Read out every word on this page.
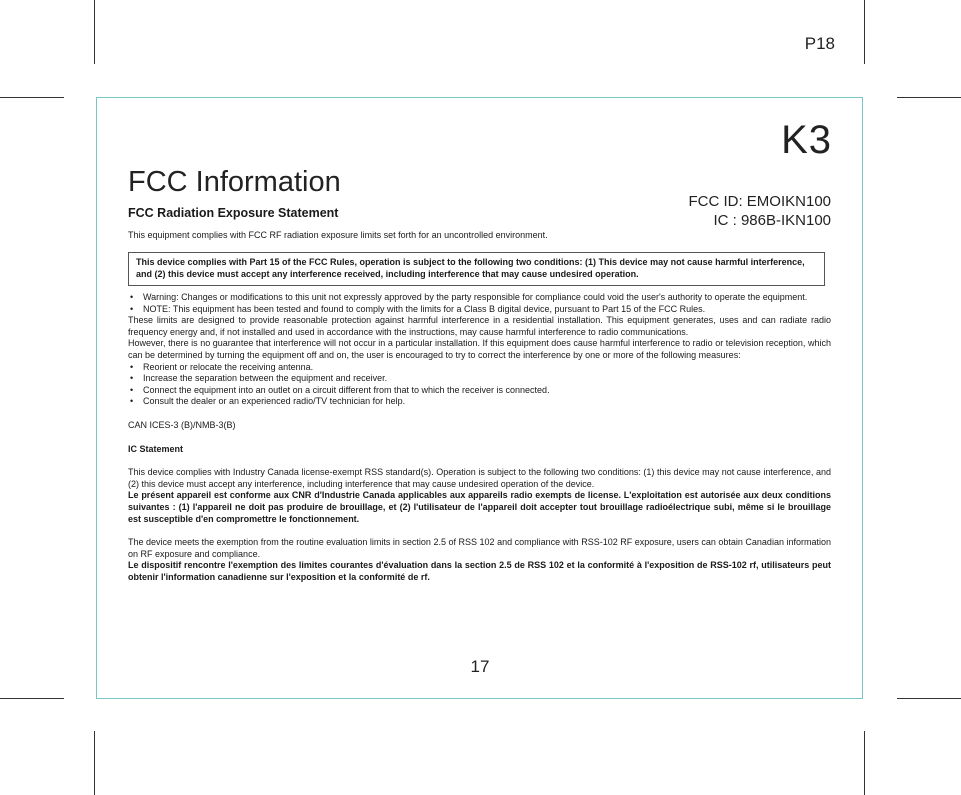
P18
K3
FCC Information
FCC ID: EMOIKN100
IC : 986B-IKN100
FCC Radiation Exposure Statement
This equipment complies with FCC RF radiation exposure limits set forth for an uncontrolled environment.
This device complies with Part 15 of the FCC Rules, operation is subject to the following two conditions: (1) This device may not cause harmful interference, and (2) this device must accept any interference received, including interference that may cause undesired operation.
• Warning: Changes or modifications to this unit not expressly approved by the party responsible for compliance could void the user's authority to operate the equipment.
• NOTE: This equipment has been tested and found to comply with the limits for a Class B digital device, pursuant to Part 15 of the FCC Rules.

These limits are designed to provide reasonable protection against harmful interference in a residential installation. This equipment generates, uses and can radiate radio frequency energy and, if not installed and used in accordance with the instructions, may cause harmful interference to radio communications.

However, there is no guarantee that interference will not occur in a particular installation. If this equipment does cause harmful interference to radio or television reception, which can be determined by turning the equipment off and on, the user is encouraged to try to correct the interference by one or more of the following measures:

• Reorient or relocate the receiving antenna.
• Increase the separation between the equipment and receiver.
• Connect the equipment into an outlet on a circuit different from that to which the receiver is connected.
• Consult the dealer or an experienced radio/TV technician for help.

CAN ICES-3 (B)/NMB-3(B)

IC Statement

This device complies with Industry Canada license-exempt RSS standard(s). Operation is subject to the following two conditions: (1) this device may not cause interference, and (2) this device must accept any interference, including interference that may cause undesired operation of the device.

Le présent appareil est conforme aux CNR d'Industrie Canada applicables aux appareils radio exempts de license. L'exploitation est autorisée aux deux conditions suivantes : (1) l'appareil ne doit pas produire de brouillage, et (2) l'utilisateur de l'appareil doit accepter tout brouillage radioélectrique subi, même si le brouillage est susceptible d'en compromettre le fonctionnement.

The device meets the exemption from the routine evaluation limits in section 2.5 of RSS 102 and compliance with RSS-102 RF exposure, users can obtain Canadian information on RF exposure and compliance.

Le dispositif rencontre l'exemption des limites courantes d'évaluation dans la section 2.5 de RSS 102 et la conformité à l'exposition de RSS-102 rf, utilisateurs peut obtenir l'information canadienne sur l'exposition et la conformité de rf.

17
